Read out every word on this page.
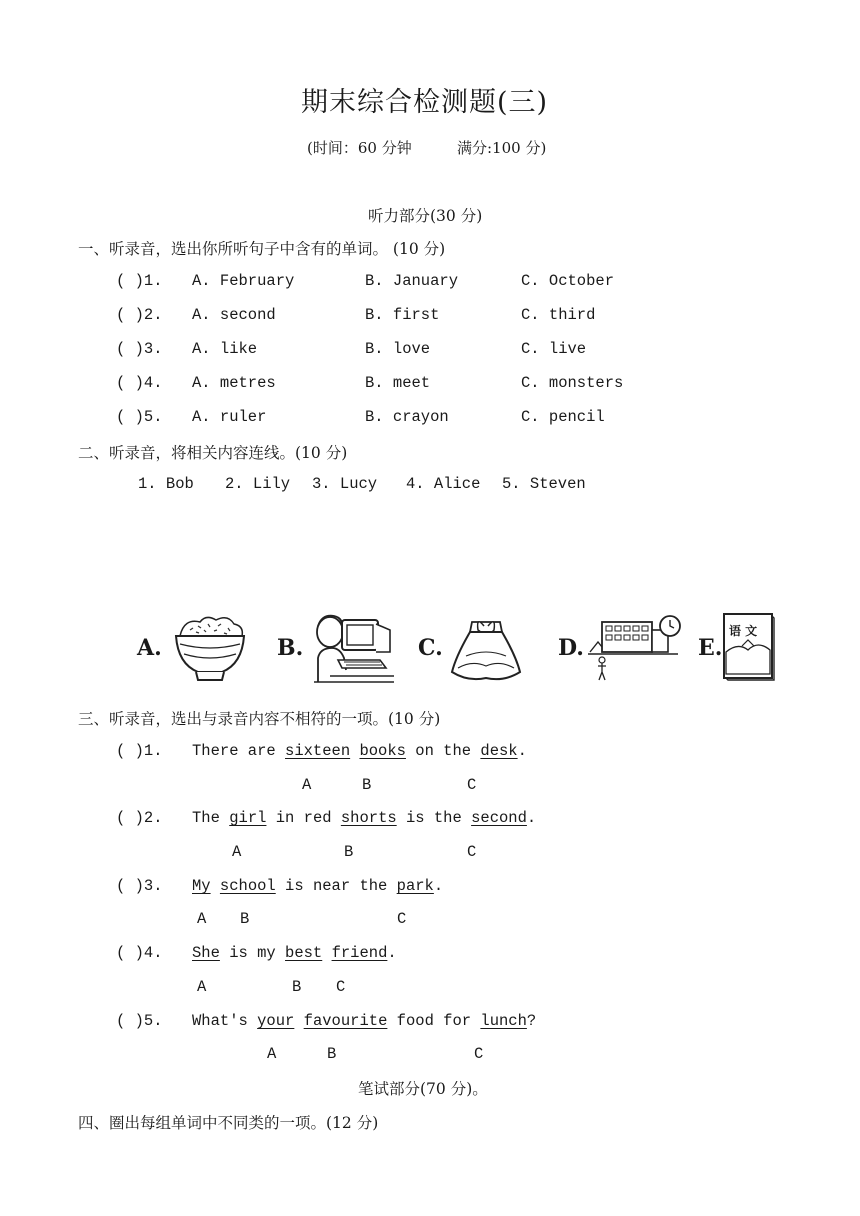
期末综合检测题(三)
(时间：60 分钟	满分:100 分)
听力部分(30 分)
一、听录音，选出你所听句子中含有的单词。 (10 分)
( )1. A. February	B. January	C. October
( )2. A. second	B. first	C. third
( )3. A. like	B. love	C. live
( )4. A. metres	B. meet	C. monsters
( )5. A. ruler	B. crayon	C. pencil
二、听录音，将相关内容连线。(10 分)
1. Bob 2. Lily 3. Lucy 4. Alice 5. Steven
A.	B.	C.	D.	E.
语 文
三、听录音，选出与录音内容不相符的一项。(10 分)
( )1. There are sixteen books on the desk.
A	B	C
( )2. The girl in red shorts is the second.
A	B	C
( )3. My school is near the park.
A B	C
( )4. She is my best friend.
A	B C
( )5. What's your favourite food for lunch?
A	B	C
笔试部分(70 分)。
四、圈出每组单词中不同类的一项。(12 分)
